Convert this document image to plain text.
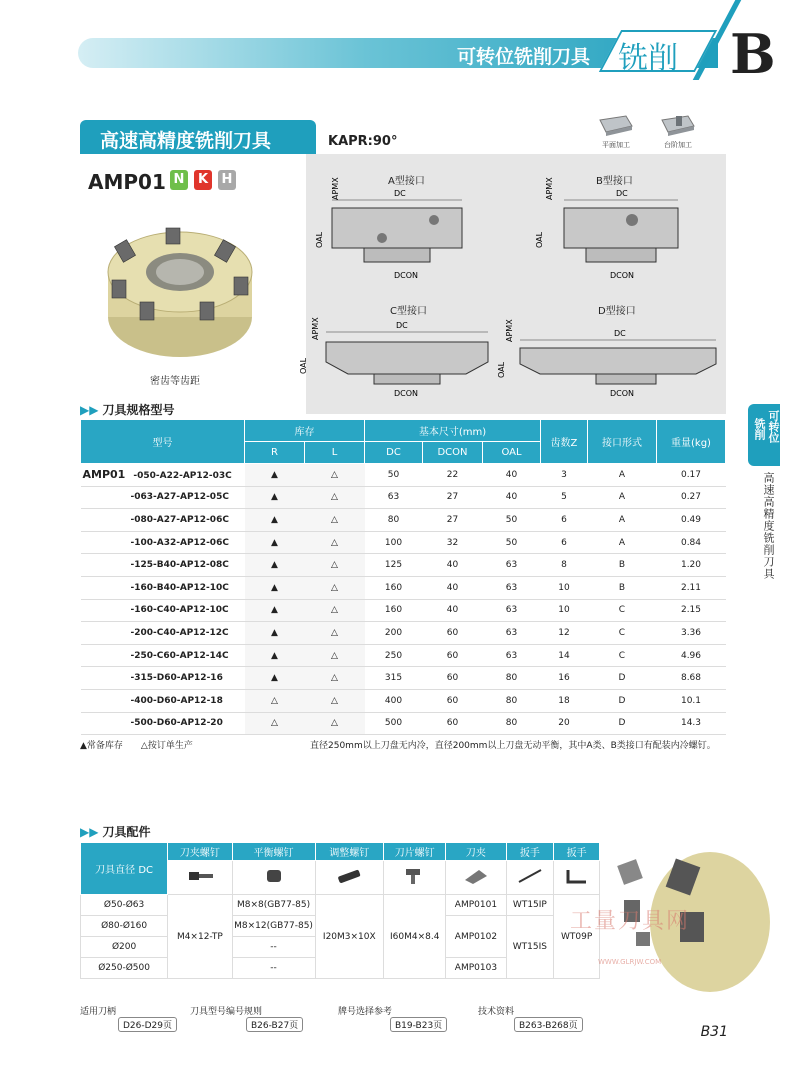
可转位铣削刀具 铣削 B
高速高精度铣削刀具	KAPR:90°	平面加工	台阶加工
AMP01 N	K	H
密齿等齿距
A型接口
APMX	DC
OAL
DCON
B型接口
APMX	DC
OAL
DCON
C型接口
APMX	DC
OAL
DCON
D型接口
APMX	DC
OAL
DCON
▶▶ 刀具规格型号
型号	库存		基本尺寸(mm)			齿数Z	接口形式	重量(kg)
	R	L	DC	DCON	OAL			
AMP01 -050-A22-AP12-03C	▲	△	50	22	40	3	A	0.17
-063-A27-AP12-05C	▲	△	63	27	40	5	A	0.27
-080-A27-AP12-06C	▲	△	80	27	50	6	A	0.49
-100-A32-AP12-06C	▲	△	100	32	50	6	A	0.84
-125-B40-AP12-08C	▲	△	125	40	63	8	B	1.20
-160-B40-AP12-10C	▲	△	160	40	63	10	B	2.11
-160-C40-AP12-10C	▲	△	160	40	63	10	C	2.15
-200-C40-AP12-12C	▲	△	200	60	63	12	C	3.36
-250-C60-AP12-14C	▲	△	250	60	63	14	C	4.96
-315-D60-AP12-16	▲	△	315	60	80	16	D	8.68
-400-D60-AP12-18	△	△	400	60	80	18	D	10.1
-500-D60-AP12-20	△	△	500	60	80	20	D	14.3
▲常备库存　　△按订单生产	直径250mm以上刀盘无内冷，直径200mm以上刀盘无动平衡，其中A类、B类接口有配装内冷螺钉。
▶▶ 刀具配件
刀具直径 DC	刀夹螺钉	平衡螺钉	调整螺钉	刀片螺钉	刀夹	扳手	扳手

Ø50-Ø63	M4×12-TP	M8×8(GB77-85)	I20M3×10X	I60M4×8.4	AMP0101	WT15IP	WT09P
Ø80-Ø160		M8×12(GB77-85)			AMP0102	WT15IS	
Ø200		--					
Ø250-Ø500		--			AMP0103		
工量刀具网
WWW.GLRJW.COM
适用刀柄
D26-D29页
刀具型号编号规则
B26-B27页
牌号选择参考
B19-B23页
技术资料
B263-B268页	B31
可转位
铣削
高速高精度铣削刀具
